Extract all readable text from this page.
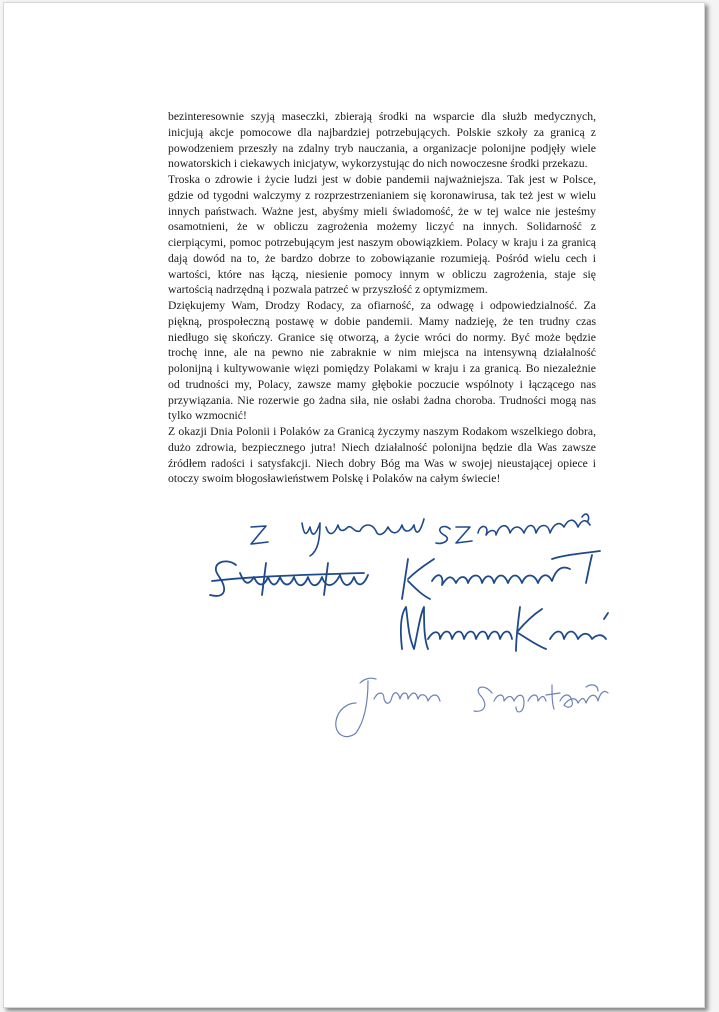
bezinteresownie szyją maseczki, zbierają środki na wsparcie dla służb medycznych, inicjują akcje pomocowe dla najbardziej potrzebujących. Polskie szkoły za granicą z powodzeniem przeszły na zdalny tryb nauczania, a organizacje polonijne podjęły wiele nowatorskich i ciekawych inicjatyw, wykorzystując do nich nowoczesne środki przekazu.

Troska o zdrowie i życie ludzi jest w dobie pandemii najważniejsza. Tak jest w Polsce, gdzie od tygodni walczymy z rozprzestrzenianiem się koronawirusa, tak też jest w wielu innych państwach. Ważne jest, abyśmy mieli świadomość, że w tej walce nie jesteśmy osamotnieni, że w obliczu zagrożenia możemy liczyć na innych. Solidarność z cierpiącymi, pomoc potrzebującym jest naszym obowiązkiem. Polacy w kraju i za granicą dają dowód na to, że bardzo dobrze to zobowiązanie rozumieją. Pośród wielu cech i wartości, które nas łączą, niesienie pomocy innym w obliczu zagrożenia, staje się wartością nadrzędną i pozwala patrzeć w przyszłość z optymizmem.

Dziękujemy Wam, Drodzy Rodacy, za ofiarność, za odwagę i odpowiedzialność. Za piękną, prospołeczną postawę w dobie pandemii. Mamy nadzieję, że ten trudny czas niedługo się skończy. Granice się otworzą, a życie wróci do normy. Być może będzie trochę inne, ale na pewno nie zabraknie w nim miejsca na intensywną działalność polonijną i kultywowanie więzi pomiędzy Polakami w kraju i za granicą. Bo niezależnie od trudności my, Polacy, zawsze mamy głębokie poczucie wspólnoty i łączącego nas przywiązania. Nie rozerwie go żadna siła, nie osłabi żadna choroba. Trudności mogą nas tylko wzmocnić!

Z okazji Dnia Polonii i Polaków za Granicą życzymy naszym Rodakom wszelkiego dobra, dużo zdrowia, bezpiecznego jutra! Niech działalność polonijna będzie dla Was zawsze źródłem radości i satysfakcji. Niech dobry Bóg ma Was w swojej nieustającej opiece i otoczy swoim błogosławieństwem Polskę i Polaków na całym świecie!
